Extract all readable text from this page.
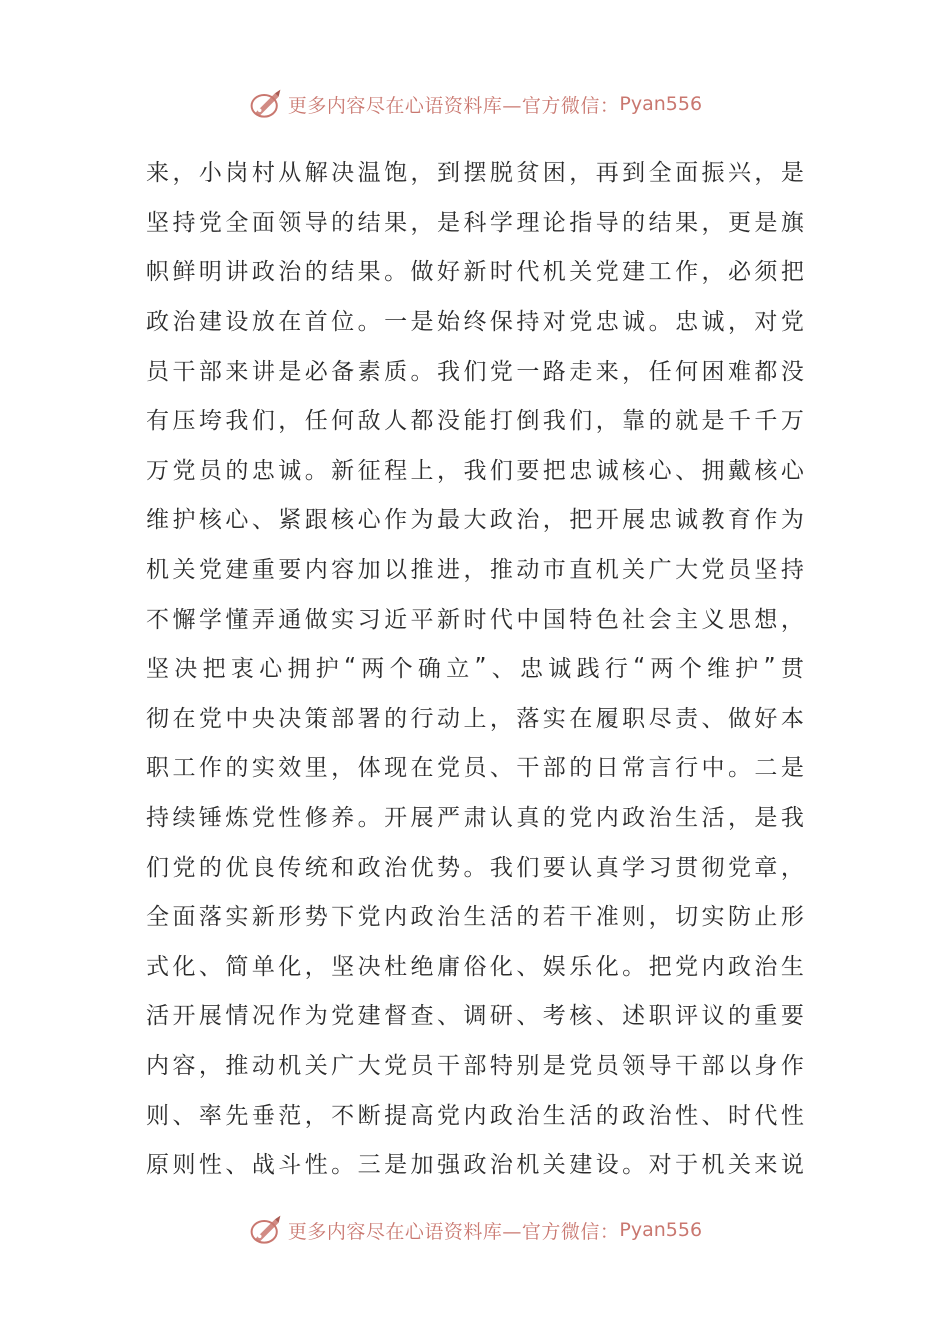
更多内容尽在心语资料库—官方微信： Pyan556
来 ， 小 岗 村 从 解 决 温 饱 ， 到 摆 脱 贫 困 ， 再 到 全 面 振 兴 ， 是
坚 持 党 全 面 领 导 的 结 果 ， 是 科 学 理 论 指 导 的 结 果 ， 更 是 旗
帜 鲜 明 讲 政 治 的 结 果 。 做 好 新 时 代 机 关 党 建 工 作 ， 必 须 把
政 治 建 设 放 在 首 位 。 一 是 始 终 保 持 对 党 忠 诚 。 忠 诚 ， 对 党
员 干 部 来 讲 是 必 备 素 质 。 我 们 党 一 路 走 来 ， 任 何 困 难 都 没
有 压 垮 我 们 ， 任 何 敌 人 都 没 能 打 倒 我 们 ， 靠 的 就 是 千 千 万
万 党 员 的 忠 诚 。 新 征 程 上 ， 我 们 要 把 忠 诚 核 心 、 拥 戴 核 心
维 护 核 心 、 紧 跟 核 心 作 为 最 大 政 治 ， 把 开 展 忠 诚 教 育 作 为
机 关 党 建 重 要 内 容 加 以 推 进 ， 推 动 市 直 机 关 广 大 党 员 坚 持
不 懈 学 懂 弄 通 做 实 习 近 平 新 时 代 中 国 特 色 社 会 主 义 思 想 ，
坚 决 把 衷 心 拥 护 “ 两 个 确 立 ” 、 忠 诚 践 行 “ 两 个 维 护 ” 贯
彻 在 党 中 央 决 策 部 署 的 行 动 上 ， 落 实 在 履 职 尽 责 、 做 好 本
职 工 作 的 实 效 里 ， 体 现 在 党 员 、 干 部 的 日 常 言 行 中 。 二 是
持 续 锤 炼 党 性 修 养 。 开 展 严 肃 认 真 的 党 内 政 治 生 活 ， 是 我
们 党 的 优 良 传 统 和 政 治 优 势 。 我 们 要 认 真 学 习 贯 彻 党 章 ，
全 面 落 实 新 形 势 下 党 内 政 治 生 活 的 若 干 准 则 ， 切 实 防 止 形
式 化 、 简 单 化 ， 坚 决 杜 绝 庸 俗 化 、 娱 乐 化 。 把 党 内 政 治 生
活 开 展 情 况 作 为 党 建 督 查 、 调 研 、 考 核 、 述 职 评 议 的 重 要
内 容 ， 推 动 机 关 广 大 党 员 干 部 特 别 是 党 员 领 导 干 部 以 身 作
则 、 率 先 垂 范 ， 不 断 提 高 党 内 政 治 生 活 的 政 治 性 、 时 代 性
原 则 性 、 战 斗 性 。 三 是 加 强 政 治 机 关 建 设 。 对 于 机 关 来 说
更多内容尽在心语资料库—官方微信： Pyan556
